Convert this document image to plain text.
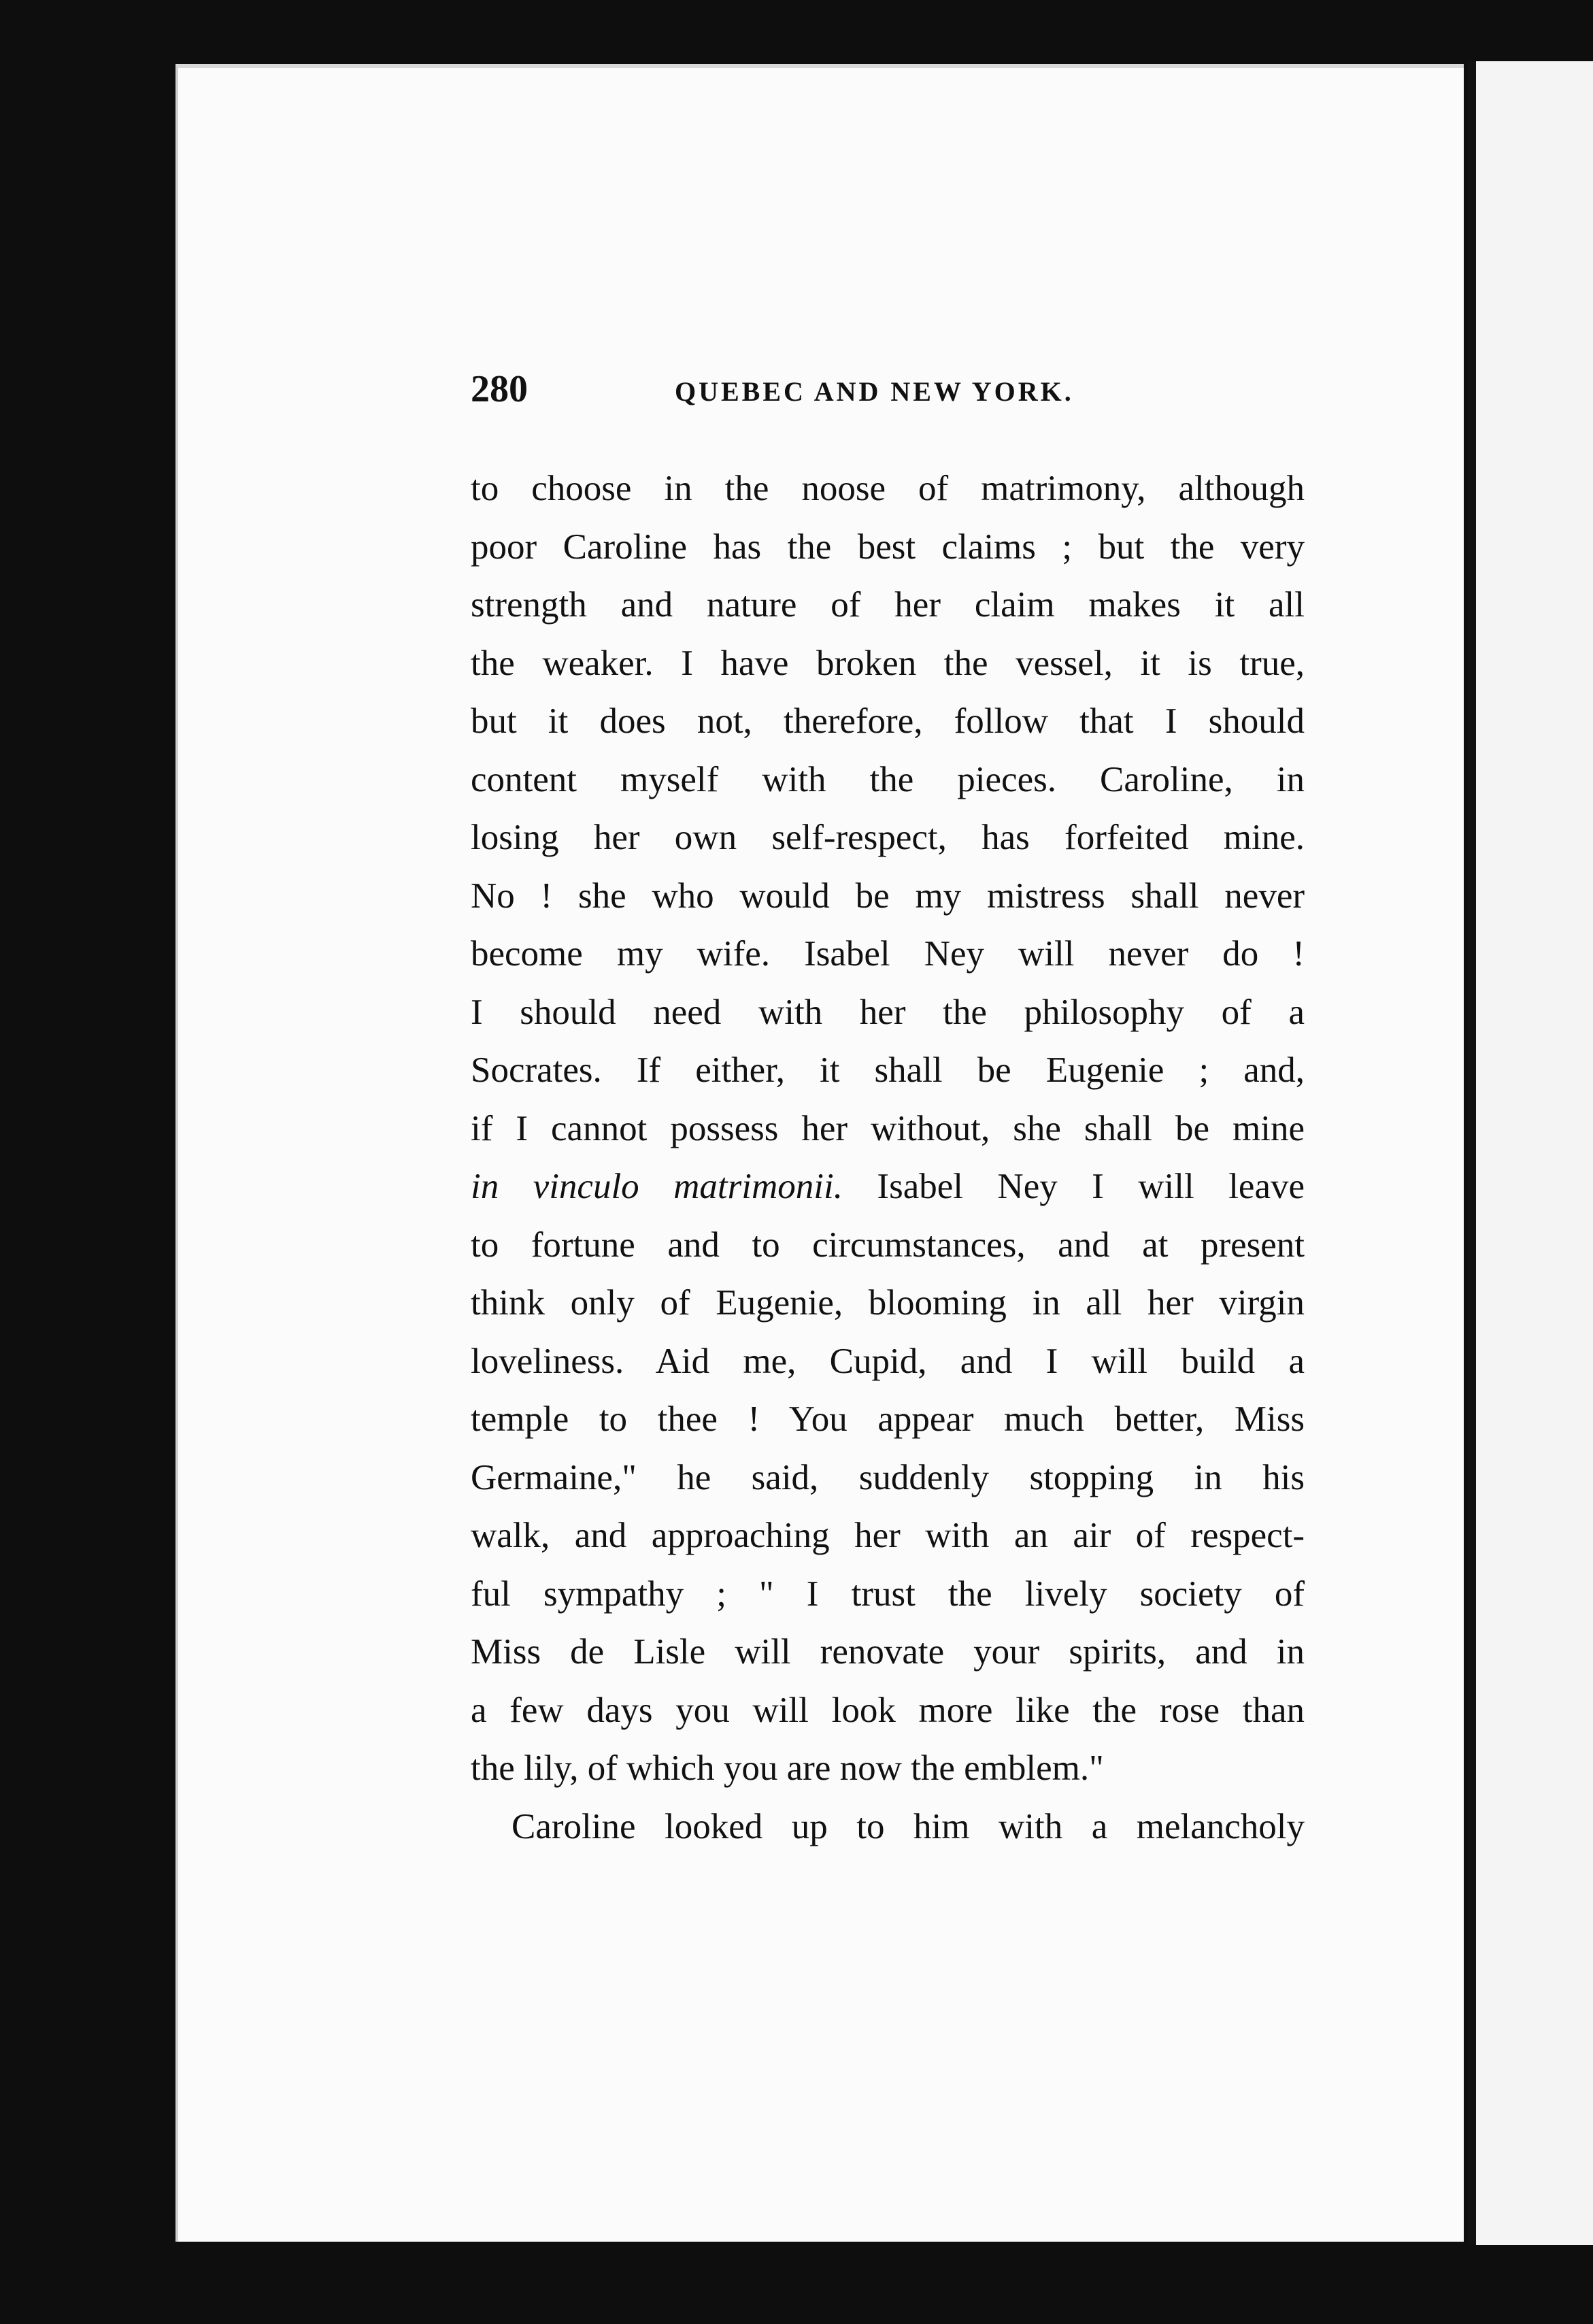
280	QUEBEC AND NEW YORK.
to choose in the noose of matrimony, although
poor Caroline has the best claims ; but the very
strength and nature of her claim makes it all
the weaker. I have broken the vessel, it is true,
but it does not, therefore, follow that I should
content myself with the pieces. Caroline, in
losing her own self-respect, has forfeited mine.
No ! she who would be my mistress shall never
become my wife. Isabel Ney will never do !
I should need with her the philosophy of a
Socrates. If either, it shall be Eugenie ; and,
if I cannot possess her without, she shall be mine
in vinculo matrimonii. Isabel Ney I will leave
to fortune and to circumstances, and at present
think only of Eugenie, blooming in all her virgin
loveliness. Aid me, Cupid, and I will build a
temple to thee ! You appear much better, Miss
Germaine," he said, suddenly stopping in his
walk, and approaching her with an air of respect-
ful sympathy ; " I trust the lively society of
Miss de Lisle will renovate your spirits, and in
a few days you will look more like the rose than
the lily, of which you are now the emblem."
Caroline looked up to him with a melancholy
